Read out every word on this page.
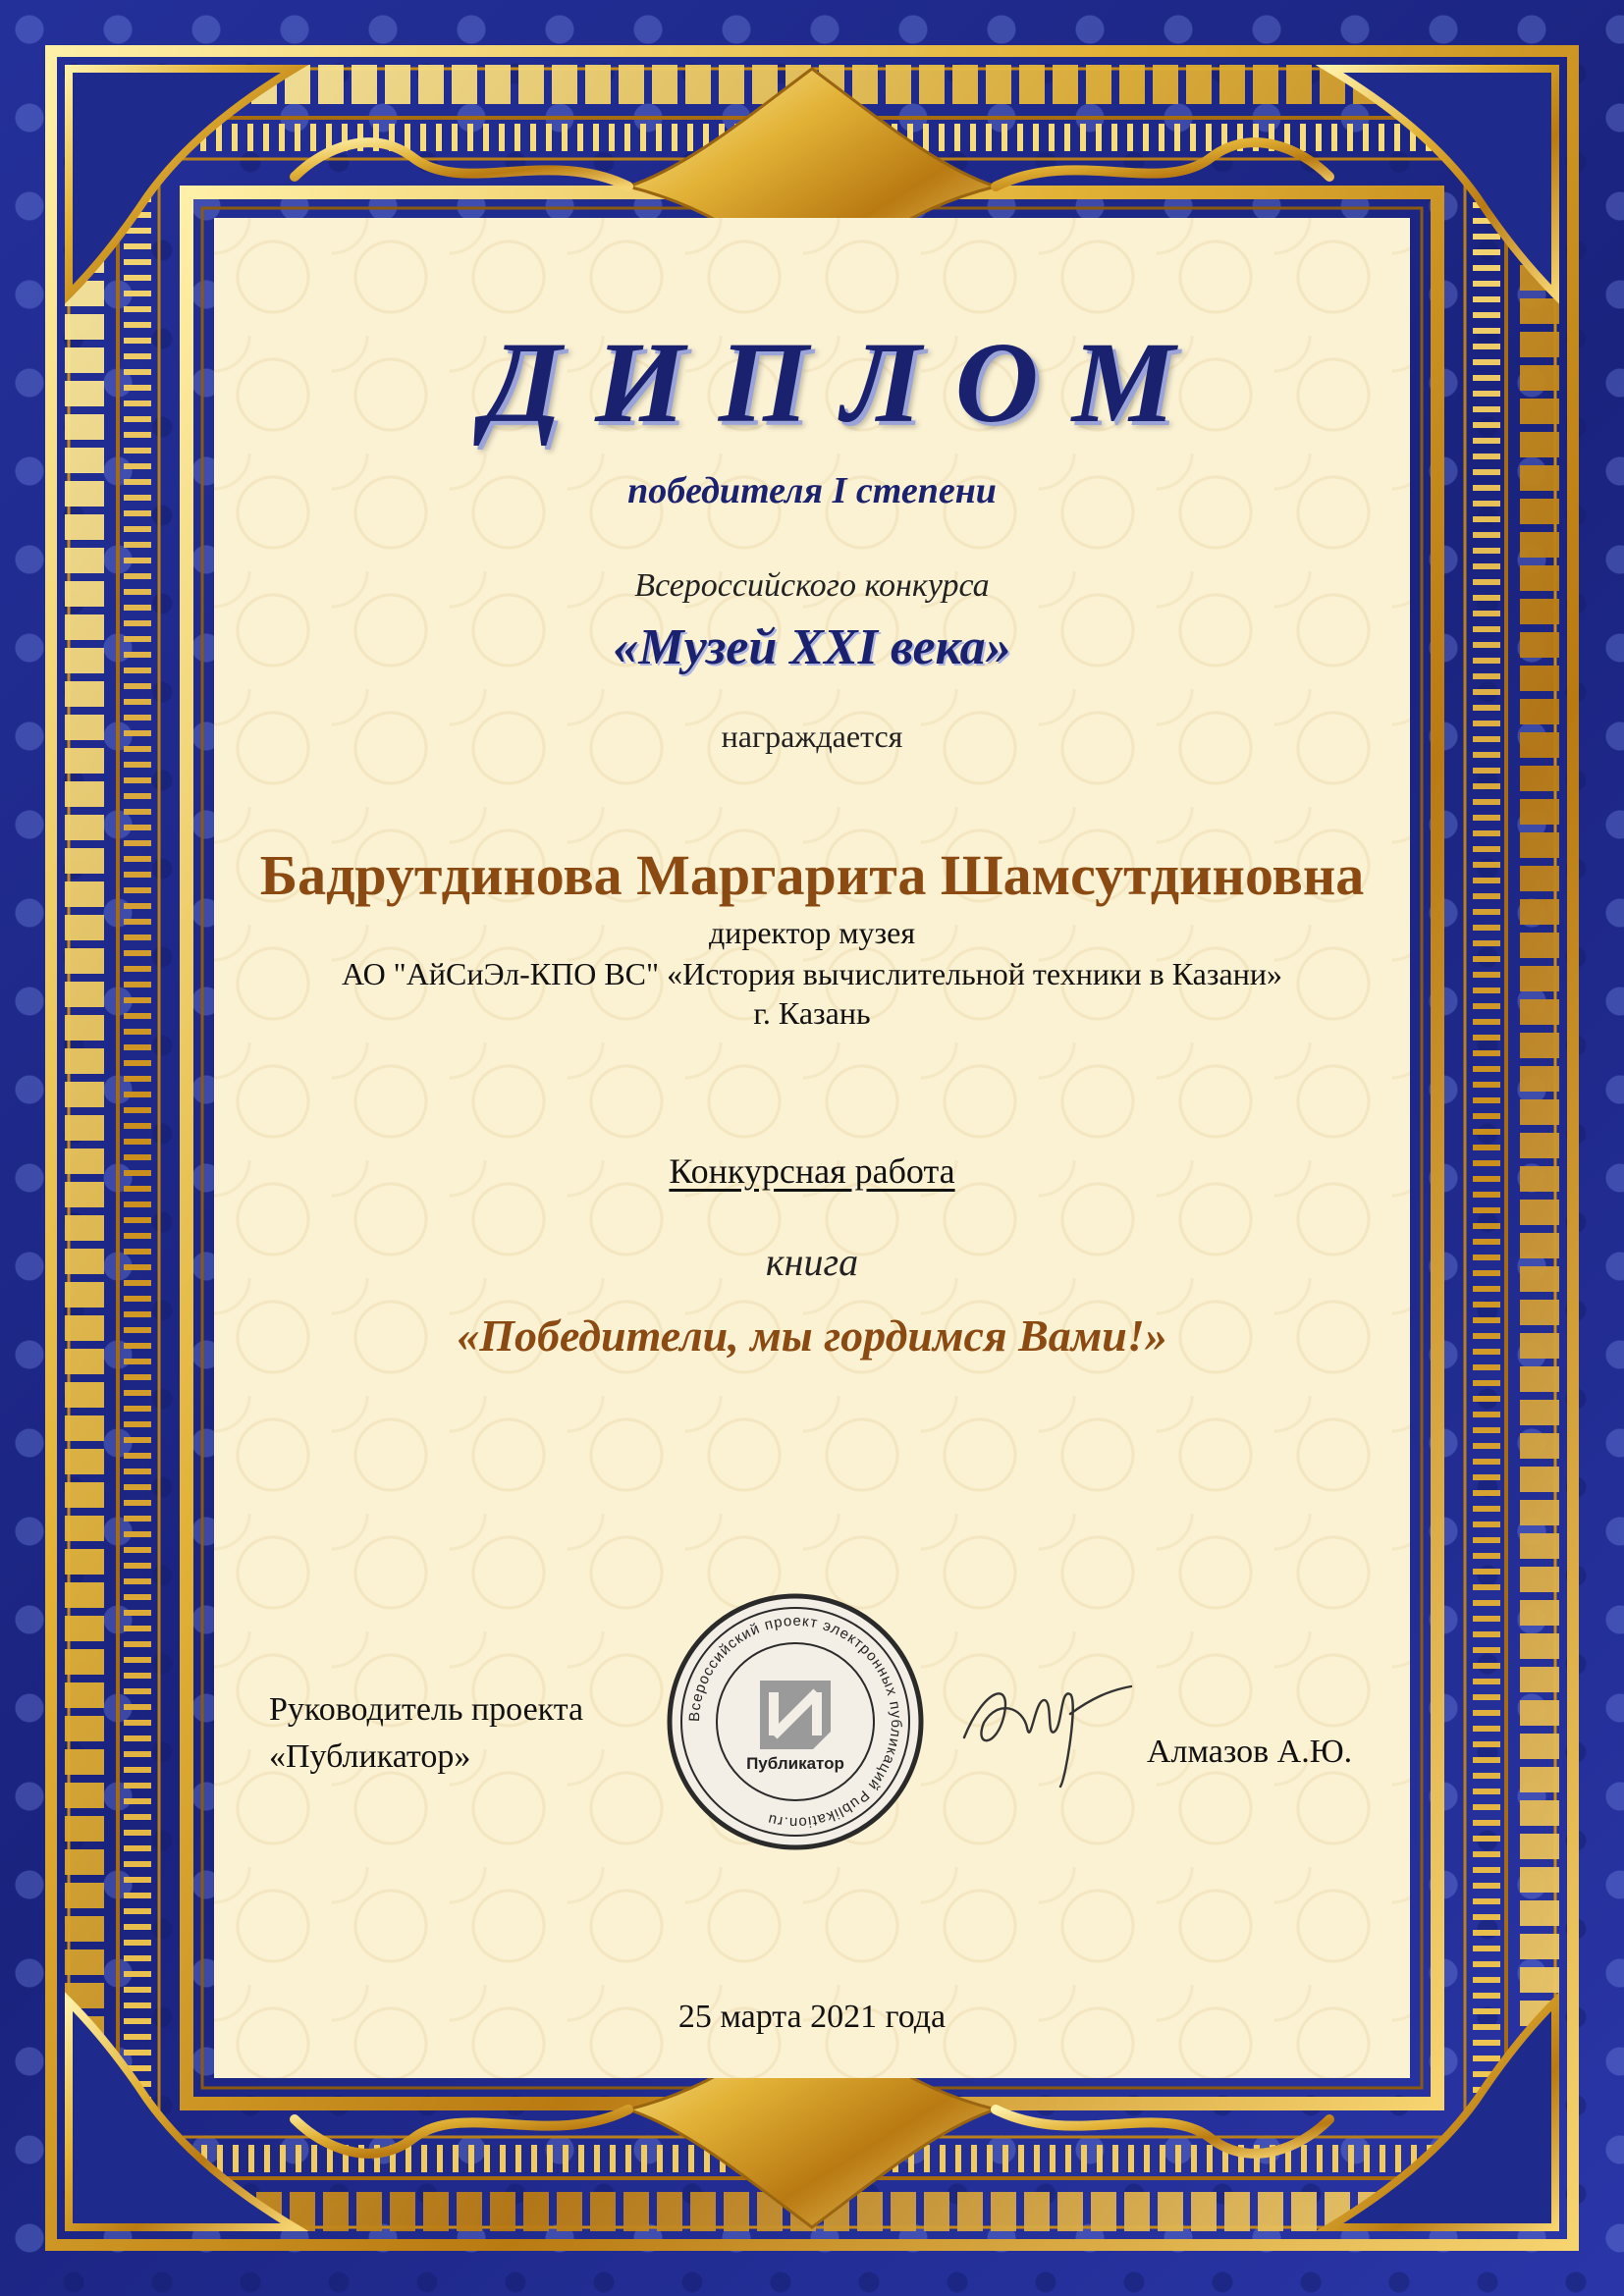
ДИПЛОМ

победителя I степени

Всероссийского конкурса

«Музей XXI века»

награждается

Бадрутдинова Маргарита Шамсутдиновна

директор музея

АО "АйСиЭл-КПО ВС" «История вычислительной техники в Казани»

г. Казань

Конкурсная работа

книга

«Победители, мы гордимся Вами!»

Руководитель проекта
«Публикатор»
Всероссийский проект электронных публикаций Publikation.ru
Публикатор	Алмазов А.Ю.

25 марта 2021 года
